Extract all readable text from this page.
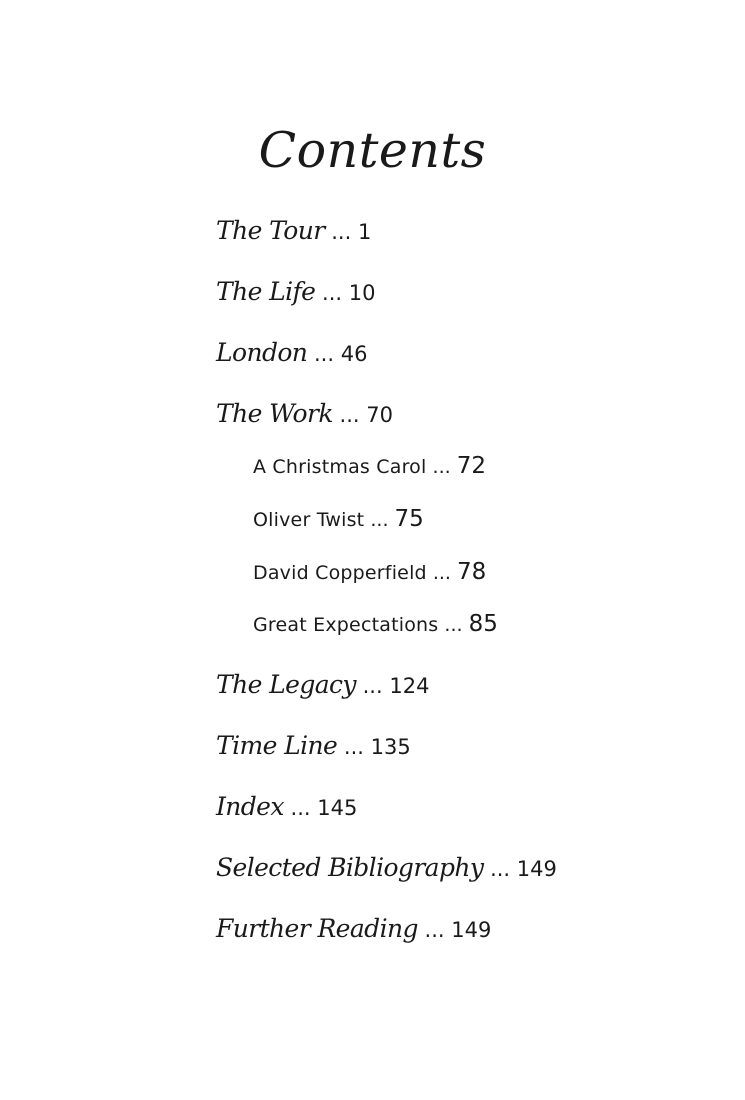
Contents
The Tour ... 1
The Life ... 10
London ... 46
The Work ... 70
A Christmas Carol ... 72
Oliver Twist ... 75
David Copperfield ... 78
Great Expectations ... 85
The Legacy ... 124
Time Line ... 135
Index ... 145
Selected Bibliography ... 149
Further Reading ... 149
